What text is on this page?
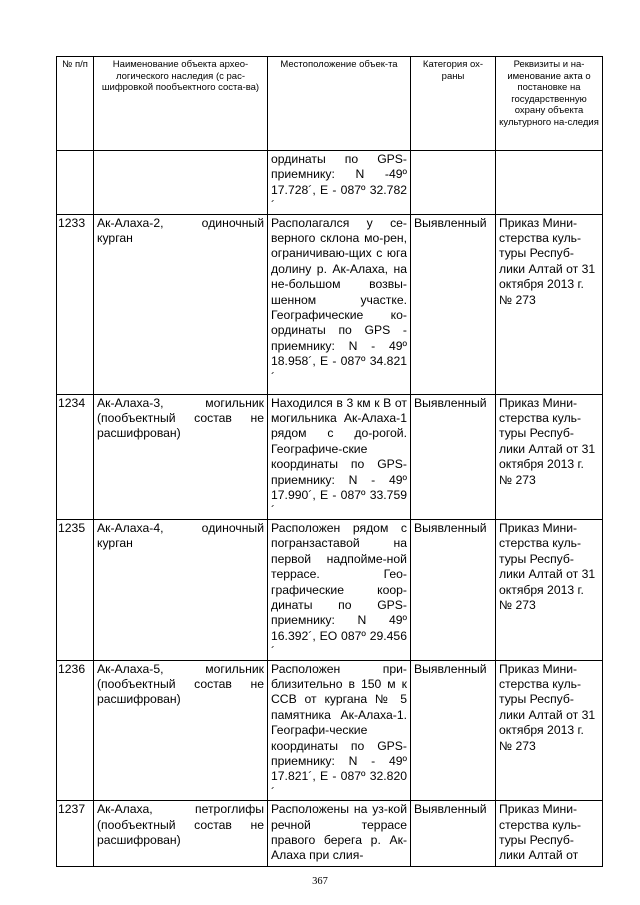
№ п/п	Наименование объекта архео-логического наследия (с рас-шифровкой пообъектного соста-ва)	Местоположение объек-та	Категория ох-раны	Реквизиты и на-именование акта о постановке на государственную охрану объекта культурного на-следия
		ординаты по GPS-приемнику: N -49º 17.728´, E - 087º 32.782´		
1233	Ак-Алаха-2, одиночный курган	Располагался у се-верного склона мо-рен, ограничиваю-щих с юга долину р. Ак-Алаха, на не-большом возвы-шенном участке. Географические ко-ординаты по GPS - приемнику: N - 49º 18.958´, E - 087º 34.821´	Выявленный	Приказ Мини-стерства куль-туры Респуб-лики Алтай от 31 октября 2013 г. № 273
1234	Ак-Алаха-3, могильник (пообъектный состав не расшифрован)	Находился в 3 км к В от могильника Ак-Алаха-1 рядом с до-рогой. Географиче-ские координаты по GPS-приемнику: N - 49º 17.990´, E - 087º 33.759´	Выявленный	Приказ Мини-стерства куль-туры Респуб-лики Алтай от 31 октября 2013 г. № 273
1235	Ак-Алаха-4, одиночный курган	Расположен рядом с погранзаставой на первой надпойме-ной террасе. Гео-графические коор-динаты по GPS-приемнику: N 49º 16.392´, ЕО 087º 29.456´	Выявленный	Приказ Мини-стерства куль-туры Респуб-лики Алтай от 31 октября 2013 г. № 273
1236	Ак-Алаха-5, могильник (пообъектный состав не расшифрован)	Расположен при-близительно в 150 м к ССВ от кургана № 5 памятника Ак-Алаха-1. Географи-ческие координаты по GPS-приемнику: N - 49º 17.821´, E - 087º 32.820´	Выявленный	Приказ Мини-стерства куль-туры Респуб-лики Алтай от 31 октября 2013 г. № 273
1237	Ак-Алаха, петроглифы (пообъектный состав не расшифрован)	Расположены на уз-кой речной террасе правого берега р. Ак-Алаха при слия-	Выявленный	Приказ Мини-стерства куль-туры Респуб-лики Алтай от
367
